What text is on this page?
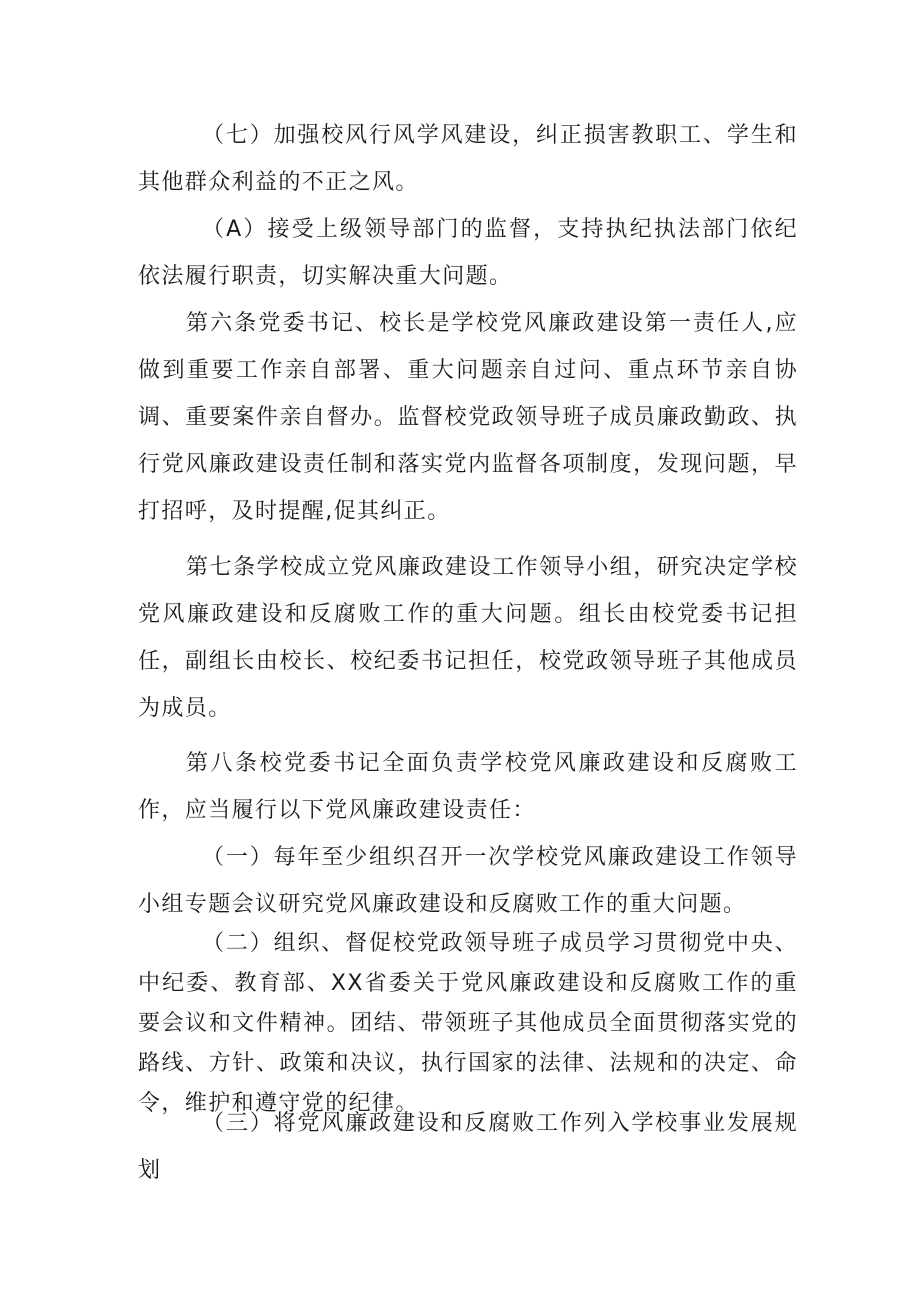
（七）加强校风行风学风建设，纠正损害教职工、学生和其他群众利益的不正之风。

（A）接受上级领导部门的监督，支持执纪执法部门依纪依法履行职责，切实解决重大问题。

第六条党委书记、校长是学校党风廉政建设第一责任人,应做到重要工作亲自部署、重大问题亲自过问、重点环节亲自协调、重要案件亲自督办。监督校党政领导班子成员廉政勤政、执行党风廉政建设责任制和落实党内监督各项制度，发现问题，早打招呼，及时提醒,促其纠正。

第七条学校成立党风廉政建设工作领导小组，研究决定学校党风廉政建设和反腐败工作的重大问题。组长由校党委书记担任，副组长由校长、校纪委书记担任，校党政领导班子其他成员为成员。

第八条校党委书记全面负责学校党风廉政建设和反腐败工作，应当履行以下党风廉政建设责任：

（一）每年至少组织召开一次学校党风廉政建设工作领导小组专题会议研究党风廉政建设和反腐败工作的重大问题。

（二）组织、督促校党政领导班子成员学习贯彻党中央、中纪委、教育部、XX省委关于党风廉政建设和反腐败工作的重要会议和文件精神。团结、带领班子其他成员全面贯彻落实党的路线、方针、政策和决议，执行国家的法律、法规和的决定、命令，维护和遵守党的纪律。

（三）将党风廉政建设和反腐败工作列入学校事业发展规划
